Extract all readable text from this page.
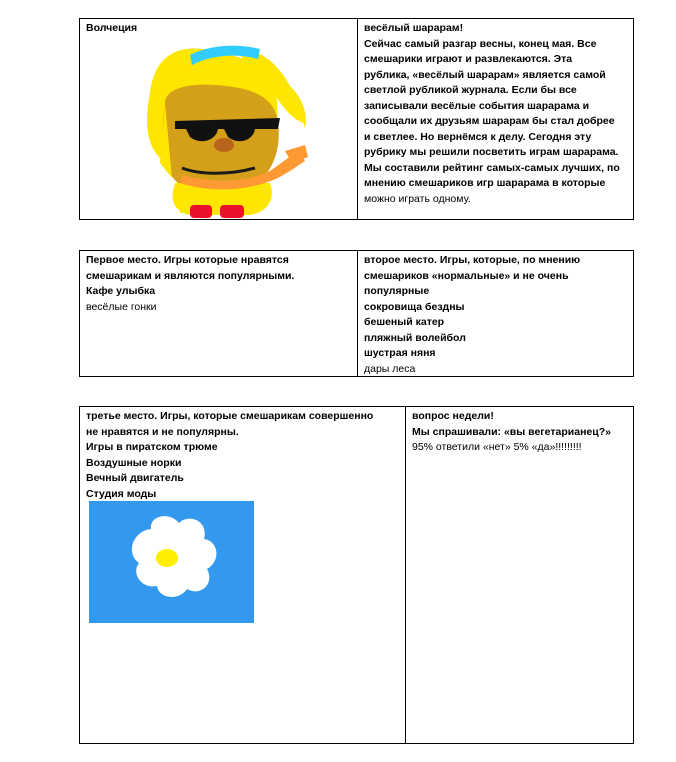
Волчеция	весёлый шарарам!
Сейчас самый разгар весны, конец мая. Все
смешарики играют и развлекаются. Эта
рублика, «весёлый шарарам» является самой
светлой рубликой журнала. Если бы все
записывали весёлые события шарарама и
сообщали их друзьям шарарам бы стал добрее
и светлее. Но вернёмся к делу. Сегодня эту
рубрику мы решили посветить играм шарарама.
Мы составили рейтинг самых-самых лучших, по
мнению смешариков игр шарарама в которые
можно играть одному.
Первое место. Игры которые нравятся
смешарикам и являются популярными.
Кафе улыбка
весёлые гонки
второе место. Игры, которые, по мнению
смешариков «нормальные» и не очень
популярные
сокровища бездны
бешеный катер
пляжный волейбол
шустрая няня
дары леса
третье место. Игры, которые смешарикам совершенно
не нравятся и не популярны.
Игры в пиратском трюме
Воздушные норки
Вечный двигатель
Студия моды
вопрос недели!
Мы спрашивали: «вы вегетарианец?»
95% ответили «нет» 5% «да»!!!!!!!!!
